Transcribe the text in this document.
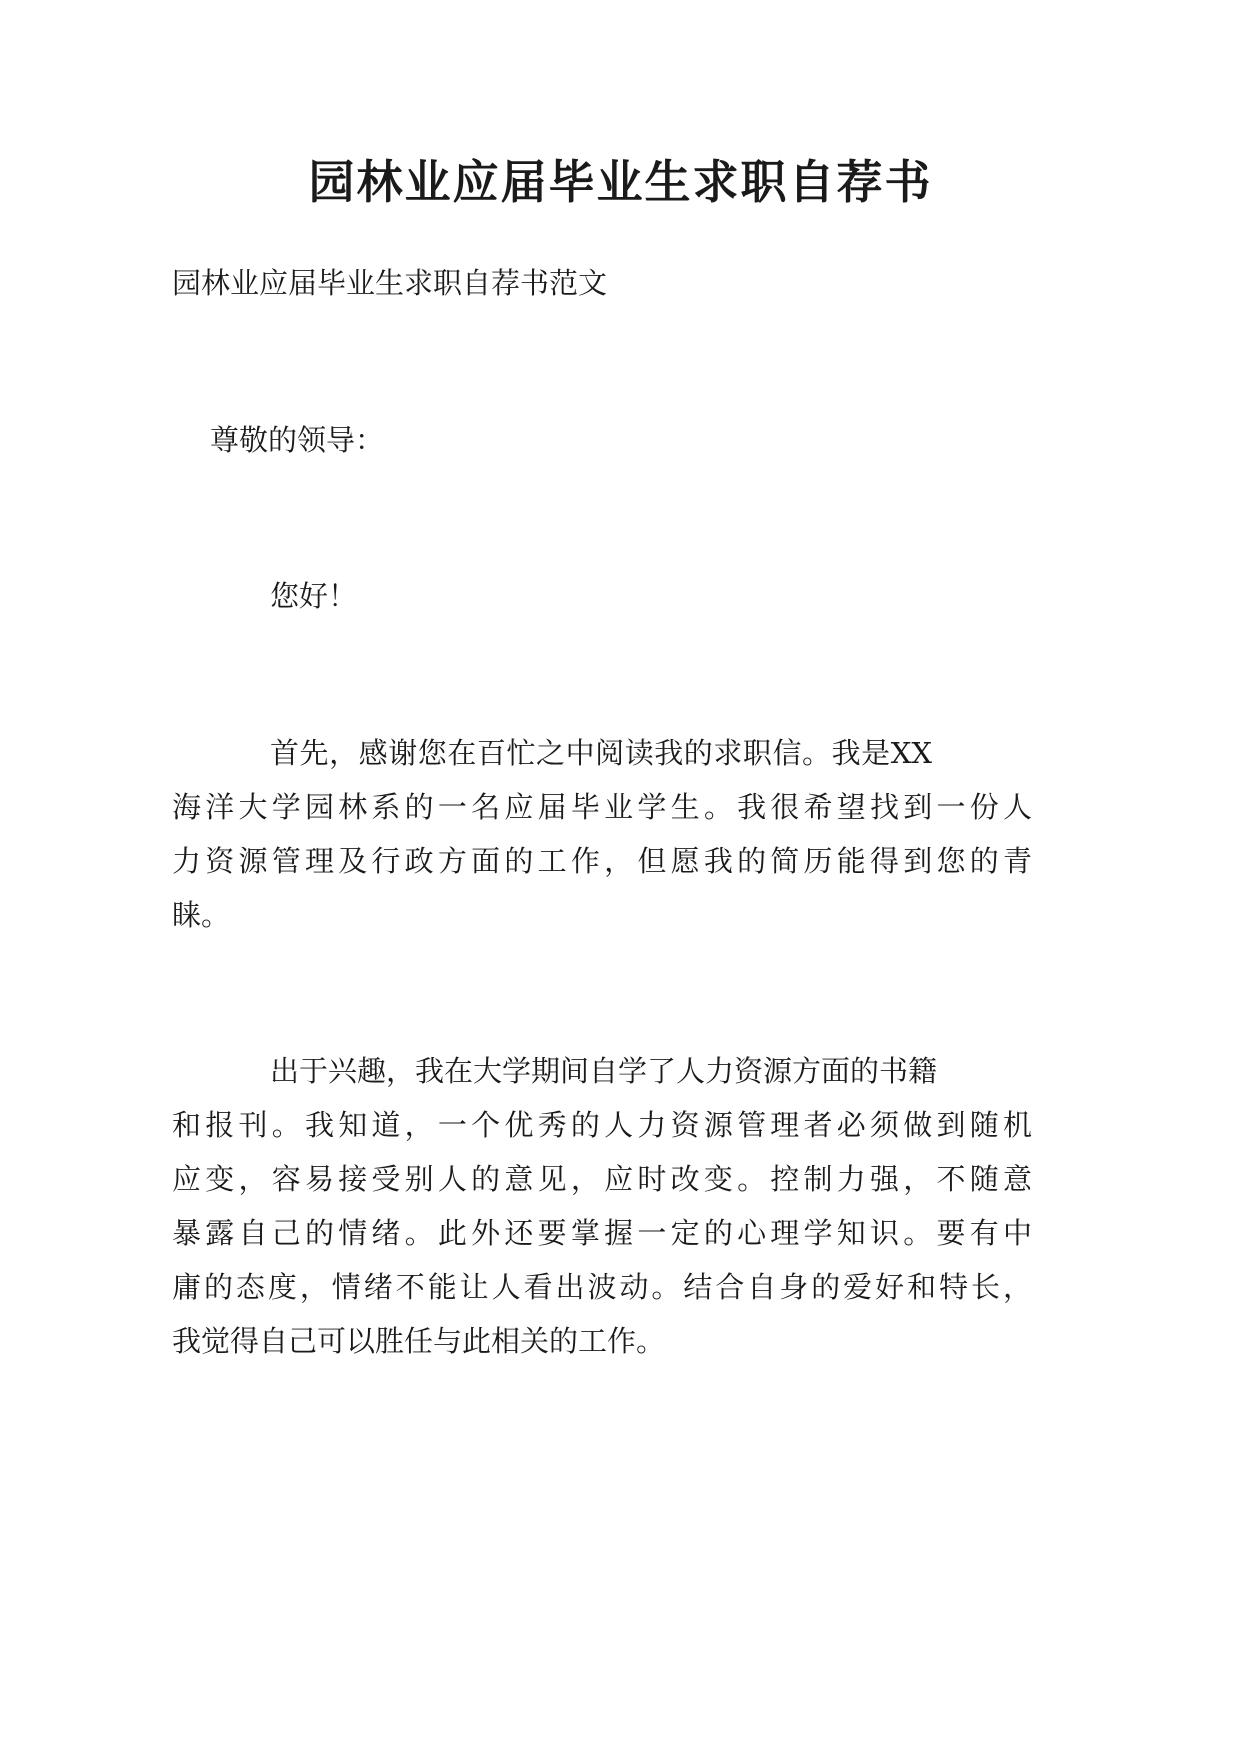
园林业应届毕业生求职自荐书

园林业应届毕业生求职自荐书范文

尊敬的领导：

您好！

首先，感谢您在百忙之中阅读我的求职信。我是XX

海洋大学园林系的一名应届毕业学生。我很希望找到一份人

力资源管理及行政方面的工作，但愿我的简历能得到您的青

睐。

出于兴趣，我在大学期间自学了人力资源方面的书籍

和报刊。我知道，一个优秀的人力资源管理者必须做到随机

应变，容易接受别人的意见，应时改变。控制力强，不随意

暴露自己的情绪。此外还要掌握一定的心理学知识。要有中

庸的态度，情绪不能让人看出波动。结合自身的爱好和特长，

我觉得自己可以胜任与此相关的工作。
